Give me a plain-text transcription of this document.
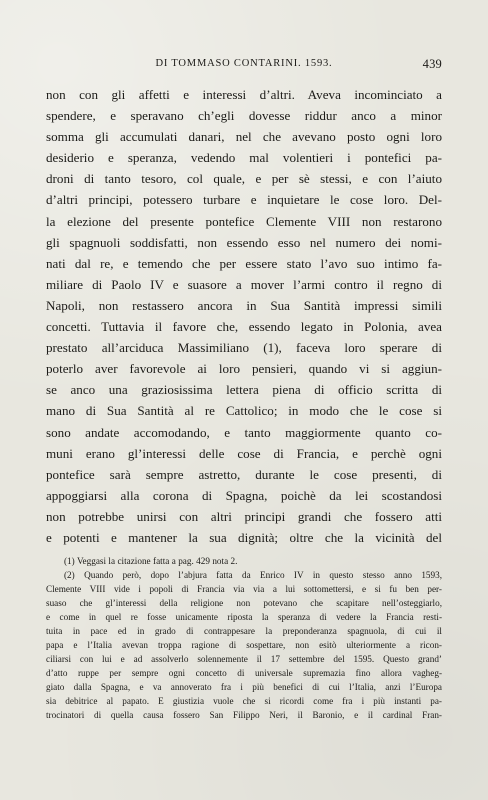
DI TOMMASO CONTARINI. 1593.	439
non con gli affetti e interessi d’altri. Aveva incominciato a
spendere, e speravano ch’egli dovesse riddur anco a minor
somma gli accumulati danari, nel che avevano posto ogni loro
desiderio e speranza, vedendo mal volentieri i pontefici pa-
droni di tanto tesoro, col quale, e per sè stessi, e con l’aiuto
d’altri principi, potessero turbare e inquietare le cose loro. Del-
la elezione del presente pontefice Clemente VIII non restarono
gli spagnuoli soddisfatti, non essendo esso nel numero dei nomi-
nati dal re, e temendo che per essere stato l’avo suo intimo fa-
miliare di Paolo IV e suasore a mover l’armi contro il regno di
Napoli, non restassero ancora in Sua Santità impressi simili
concetti. Tuttavia il favore che, essendo legato in Polonia, avea
prestato all’arciduca Massimiliano (1), faceva loro sperare di
poterlo aver favorevole ai loro pensieri, quando vi si aggiun-
se anco una graziosissima lettera piena di officio scritta di
mano di Sua Santità al re Cattolico; in modo che le cose si
sono andate accomodando, e tanto maggiormente quanto co-
muni erano gl’interessi delle cose di Francia, e perchè ogni
pontefice sarà sempre astretto, durante le cose presenti, di
appoggiarsi alla corona di Spagna, poichè da lei scostandosi
non potrebbe unirsi con altri principi grandi che fossero atti
e potenti e mantener la sua dignità; oltre che la vicinità del
(1) Veggasi la citazione fatta a pag. 429 nota 2.
(2) Quando però, dopo l’abjura fatta da Enrico IV in questo stesso anno 1593,
Clemente VIII vide i popoli di Francia via via a lui sottomettersi, e si fu ben per-
suaso che gl’interessi della religione non potevano che scapitare nell’osteggiarlo,
e come in quel re fosse unicamente riposta la speranza di vedere la Francia resti-
tuita in pace ed in grado di contrappesare la preponderanza spagnuola, di cui il
papa e l’Italia avevan troppa ragione di sospettare, non esitò ulteriormente a ricon-
ciliarsi con lui e ad assolverlo solennemente il 17 settembre del 1595. Questo grand’
d’atto ruppe per sempre ogni concetto di universale supremazia fino allora vagheg-
giato dalla Spagna, e va annoverato fra i più benefici di cui l’Italia, anzi l’Europa
sia debitrice al papato. E giustizia vuole che si ricordi come fra i più instanti pa-
trocinatori di quella causa fossero San Filippo Neri, il Baronio, e il cardinal Fran-
